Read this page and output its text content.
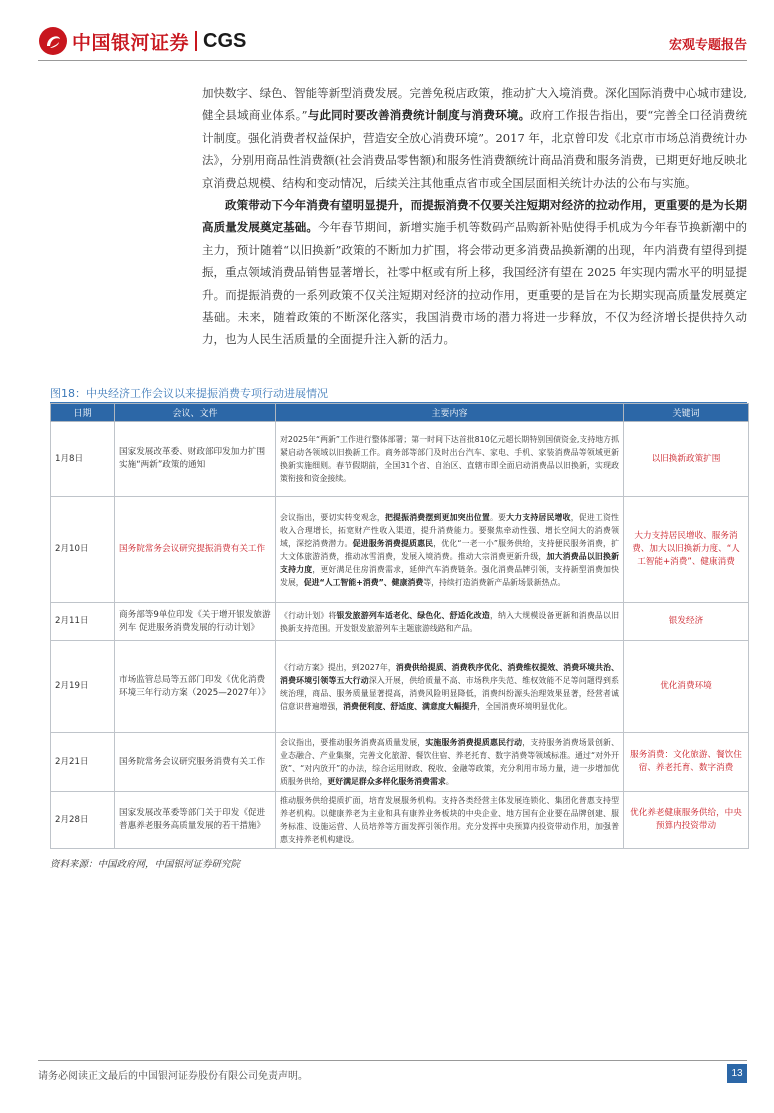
中国银河证券 CGS	宏观专题报告

加快数字、绿色、智能等新型消费发展。完善免税店政策，推动扩大入境消费。深化国际消费中心城市建设,健全县域商业体系。”与此同时要改善消费统计制度与消费环境。政府工作报告指出，要“完善全口径消费统计制度。强化消费者权益保护，营造安全放心消费环境”。2017 年，北京曾印发《北京市市场总消费统计办法》，分别用商品性消费额(社会消费品零售额)和服务性消费额统计商品消费和服务消费，已期更好地反映北京消费总规模、结构和变动情况，后续关注其他重点省市或全国层面相关统计办法的公布与实施。

政策带动下今年消费有望明显提升，而提振消费不仅要关注短期对经济的拉动作用，更重要的是为长期高质量发展奠定基础。今年春节期间，新增实施手机等数码产品购新补贴使得手机成为今年春节换新潮中的主力，预计随着“以旧换新”政策的不断加力扩围，将会带动更多消费品换新潮的出现，年内消费有望得到提振，重点领域消费品销售显著增长，社零中枢或有所上移，我国经济有望在 2025 年实现内需水平的明显提升。而提振消费的一系列政策不仅关注短期对经济的拉动作用，更重要的是旨在为长期实现高质量发展奠定基础。未来，随着政策的不断深化落实，我国消费市场的潜力将进一步释放，不仅为经济增长提供持久动力，也为人民生活质量的全面提升注入新的活力。

图18：中央经济工作会议以来提振消费专项行动进展情况
日期	会议、文件	主要内容	关键词
1月8日	国家发展改革委、财政部印发加力扩围实施“两新”政策的通知	对2025年“两新”工作进行整体部署；第一时间下达首批810亿元超长期特别国债资金,支持地方抓紧启动各领域以旧换新工作。商务部等部门及时出台汽车、家电、手机、家装消费品等领域更新换新实施细则。春节假期前，全国31个省、自治区、直辖市即全面启动消费品以旧换新，实现政策衔接和资金接续。	以旧换新政策扩围
2月10日	国务院常务会议研究提振消费有关工作	会议指出，要切实转变观念，把提振消费摆到更加突出位置。要大力支持居民增收，促进工资性收入合理增长，拓宽财产性收入渠道，提升消费能力。要聚焦牵动性强、增长空间大的消费领域，深挖消费潜力。促进服务消费提质惠民，优化“一老一小”服务供给，支持便民服务消费，扩大文体旅游消费，推动冰雪消费，发展入境消费。推动大宗消费更新升级，加大消费品以旧换新支持力度，更好满足住房消费需求，延伸汽车消费链条。强化消费品牌引领，支持新型消费加快发展，促进“人工智能+消费”、健康消费等，持续打造消费新产品新场景新热点。	大力支持居民增收、服务消费、加大以旧换新力度、“人工智能+消费”、健康消费
2月11日	商务部等9单位印发《关于增开银发旅游列车 促进服务消费发展的行动计划》	《行动计划》将银发旅游列车适老化、绿色化、舒适化改造，纳入大规模设备更新和消费品以旧换新支持范围。开发银发旅游列车主题旅游线路和产品。	银发经济
2月19日	市场监管总局等五部门印发《优化消费环境三年行动方案（2025—2027年）》	《行动方案》提出，到2027年，消费供给提质、消费秩序优化、消费维权提效、消费环境共治、消费环境引领等五大行动深入开展，供给质量不高、市场秩序失范、维权效能不足等问题得到系统治理，商品、服务质量显著提高，消费风险明显降低，消费纠纷源头治理效果显著，经营者诚信意识普遍增强，消费便利度、舒适度、满意度大幅提升，全国消费环境明显优化。	优化消费环境
2月21日	国务院常务会议研究服务消费有关工作	会议指出，要推动服务消费高质量发展，实施服务消费提质惠民行动，支持服务消费场景创新、业态融合、产业集聚，完善文化旅游、餐饮住宿、养老托育、数字消费等领域标准。通过“对外开放”、“对内放开”的办法，综合运用财政、税收、金融等政策，充分利用市场力量，进一步增加优质服务供给，更好满足群众多样化服务消费需求。	服务消费：文化旅游、餐饮住宿、养老托育、数字消费
2月28日	国家发展改革委等部门关于印发《促进普惠养老服务高质量发展的若干措施》	推动服务供给提质扩面，培育发展服务机构。支持各类经营主体发展连锁化、集团化普惠支持型养老机构。以健康养老为主业和具有康养业务板块的中央企业、地方国有企业要在品牌创建、服务标准、设施运营、人员培养等方面发挥引领作用。充分发挥中央预算内投资带动作用，加强普惠支持养老机构建设。	优化养老健康服务供给，中央预算内投资带动
资料来源：中国政府网，中国银河证券研究院
请务必阅读正文最后的中国银河证券股份有限公司免责声明。	13
